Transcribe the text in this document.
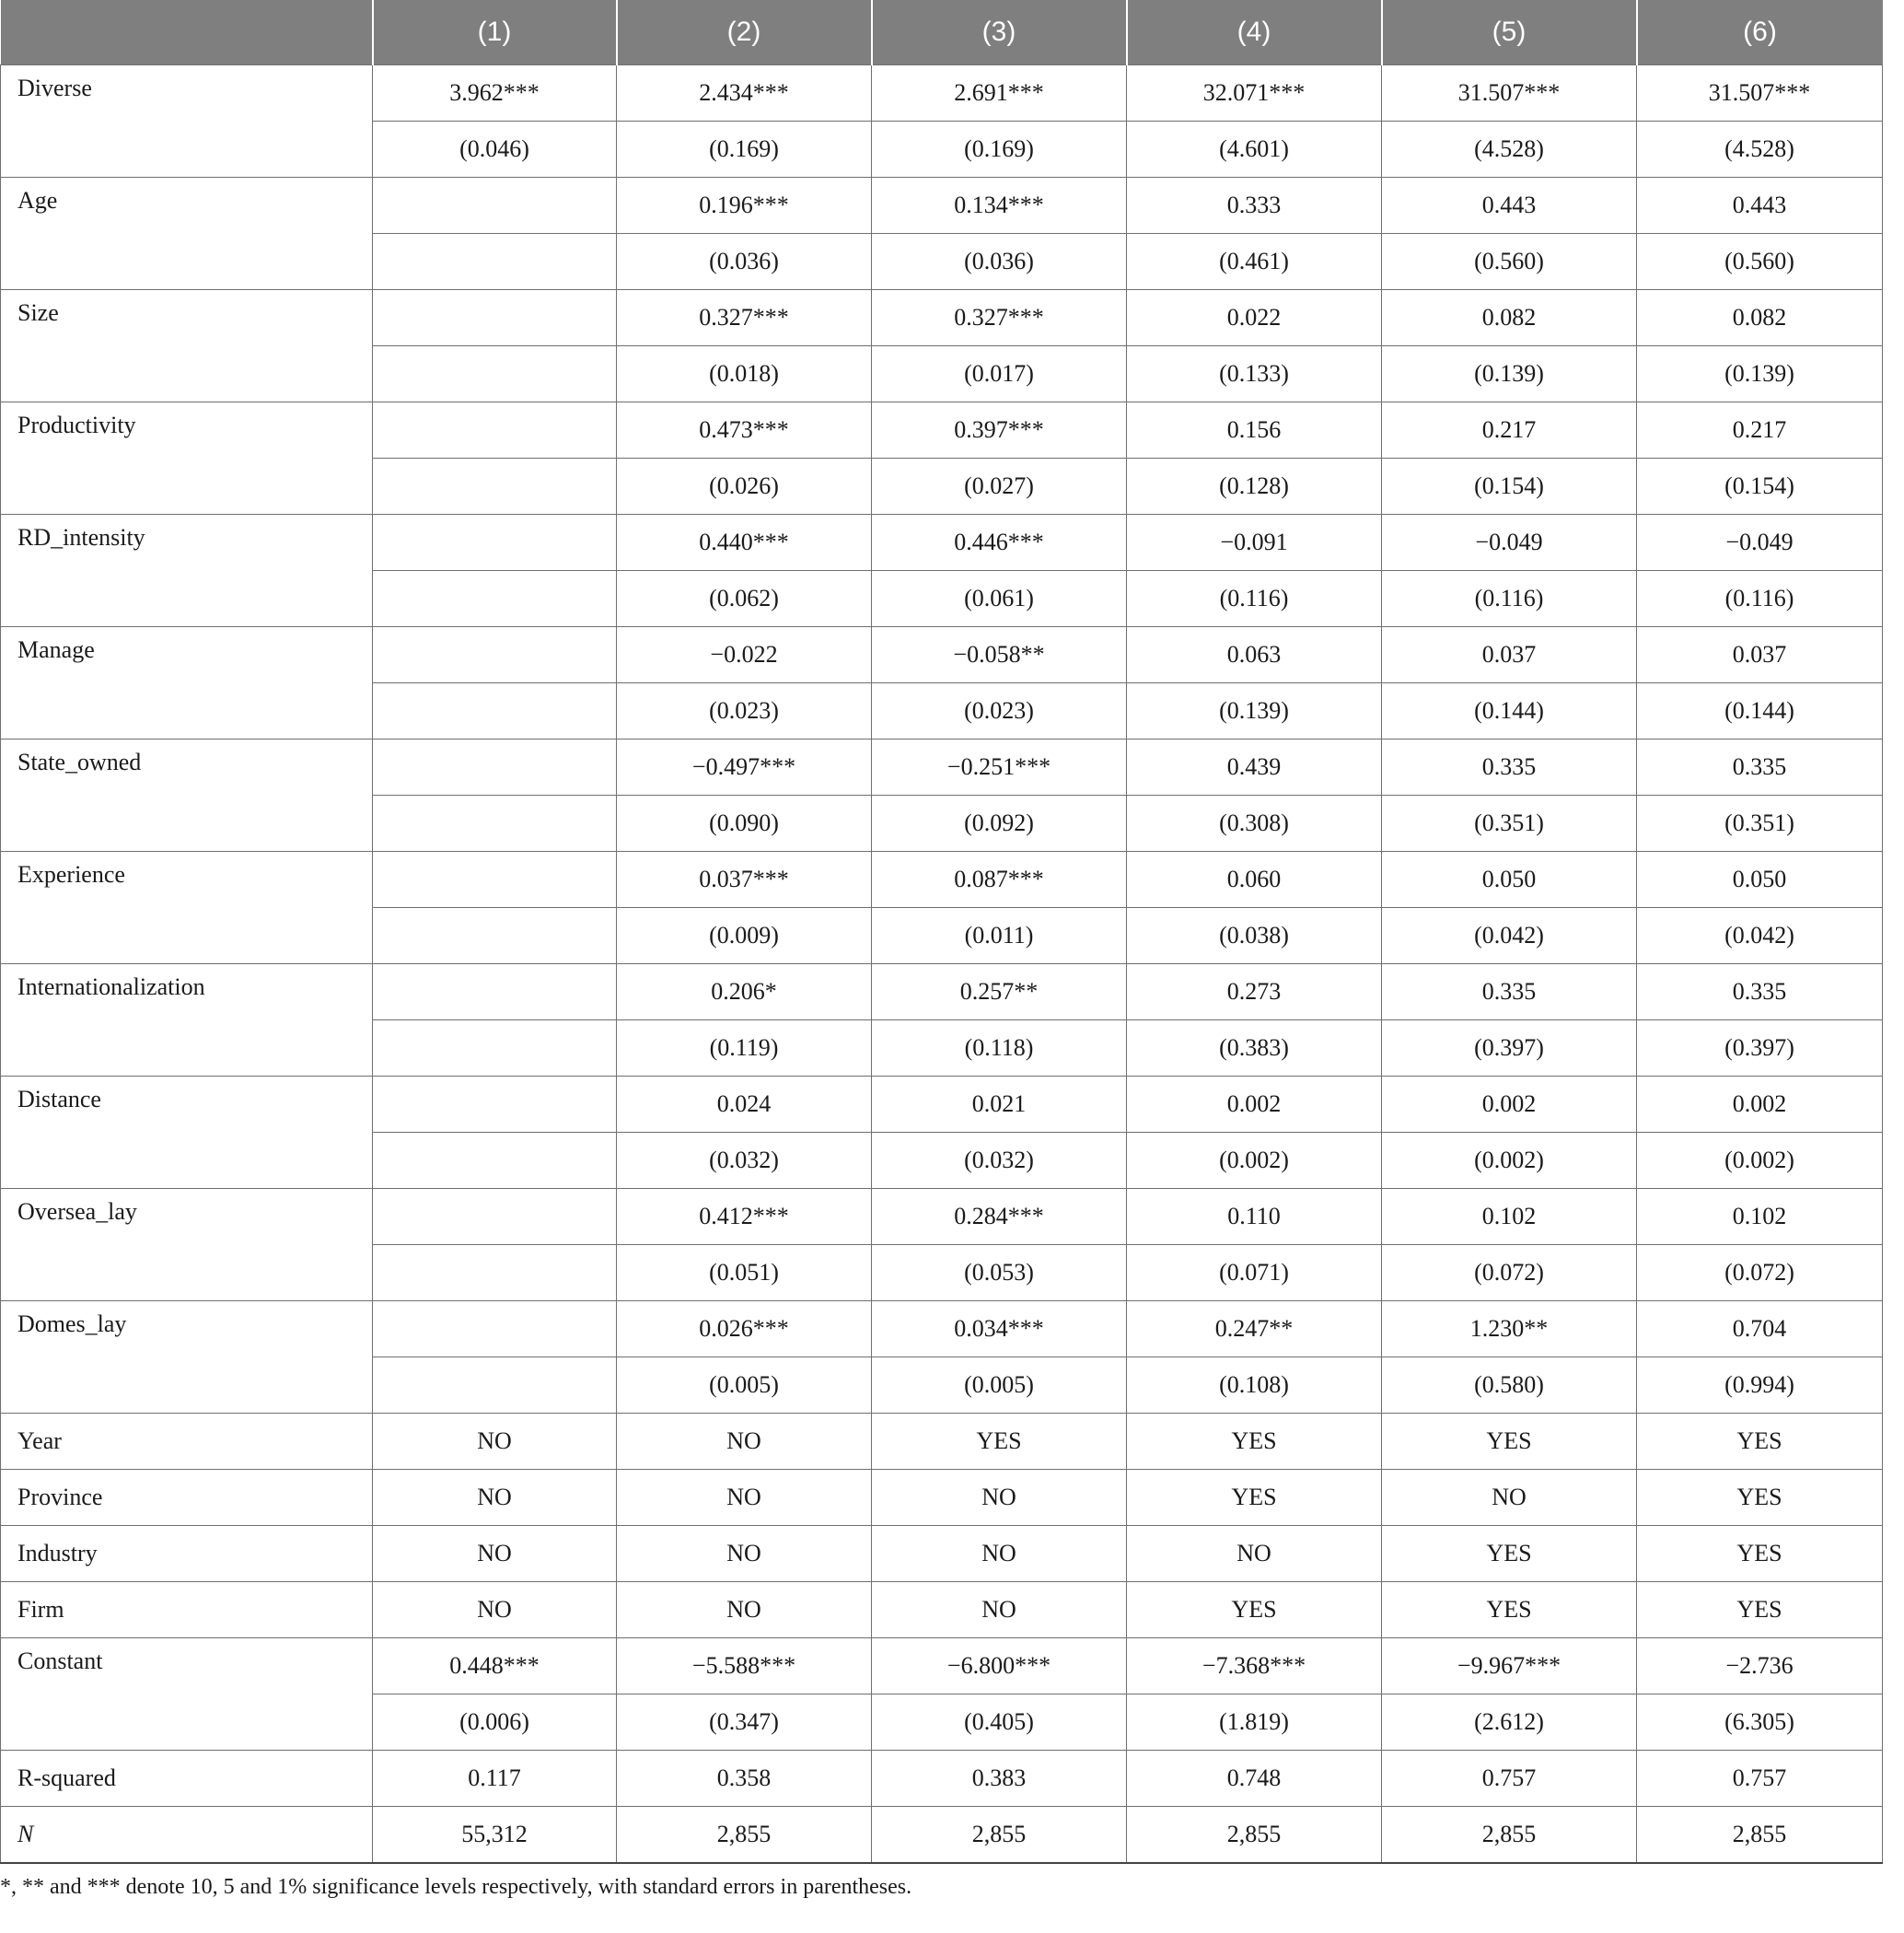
	(1)	(2)	(3)	(4)	(5)	(6)
Diverse	3.962***	2.434***	2.691***	32.071***	31.507***	31.507***
	(0.046)	(0.169)	(0.169)	(4.601)	(4.528)	(4.528)
Age		0.196***	0.134***	0.333	0.443	0.443
		(0.036)	(0.036)	(0.461)	(0.560)	(0.560)
Size		0.327***	0.327***	0.022	0.082	0.082
		(0.018)	(0.017)	(0.133)	(0.139)	(0.139)
Productivity		0.473***	0.397***	0.156	0.217	0.217
		(0.026)	(0.027)	(0.128)	(0.154)	(0.154)
RD_intensity		0.440***	0.446***	−0.091	−0.049	−0.049
		(0.062)	(0.061)	(0.116)	(0.116)	(0.116)
Manage		−0.022	−0.058**	0.063	0.037	0.037
		(0.023)	(0.023)	(0.139)	(0.144)	(0.144)
State_owned		−0.497***	−0.251***	0.439	0.335	0.335
		(0.090)	(0.092)	(0.308)	(0.351)	(0.351)
Experience		0.037***	0.087***	0.060	0.050	0.050
		(0.009)	(0.011)	(0.038)	(0.042)	(0.042)
Internationalization		0.206*	0.257**	0.273	0.335	0.335
		(0.119)	(0.118)	(0.383)	(0.397)	(0.397)
Distance		0.024	0.021	0.002	0.002	0.002
		(0.032)	(0.032)	(0.002)	(0.002)	(0.002)
Oversea_lay		0.412***	0.284***	0.110	0.102	0.102
		(0.051)	(0.053)	(0.071)	(0.072)	(0.072)
Domes_lay		0.026***	0.034***	0.247**	1.230**	0.704
		(0.005)	(0.005)	(0.108)	(0.580)	(0.994)
Year	NO	NO	YES	YES	YES	YES
Province	NO	NO	NO	YES	NO	YES
Industry	NO	NO	NO	NO	YES	YES
Firm	NO	NO	NO	YES	YES	YES
Constant	0.448***	−5.588***	−6.800***	−7.368***	−9.967***	−2.736
	(0.006)	(0.347)	(0.405)	(1.819)	(2.612)	(6.305)
R-squared	0.117	0.358	0.383	0.748	0.757	0.757
N	55,312	2,855	2,855	2,855	2,855	2,855
*, ** and *** denote 10, 5 and 1% significance levels respectively, with standard errors in parentheses.
